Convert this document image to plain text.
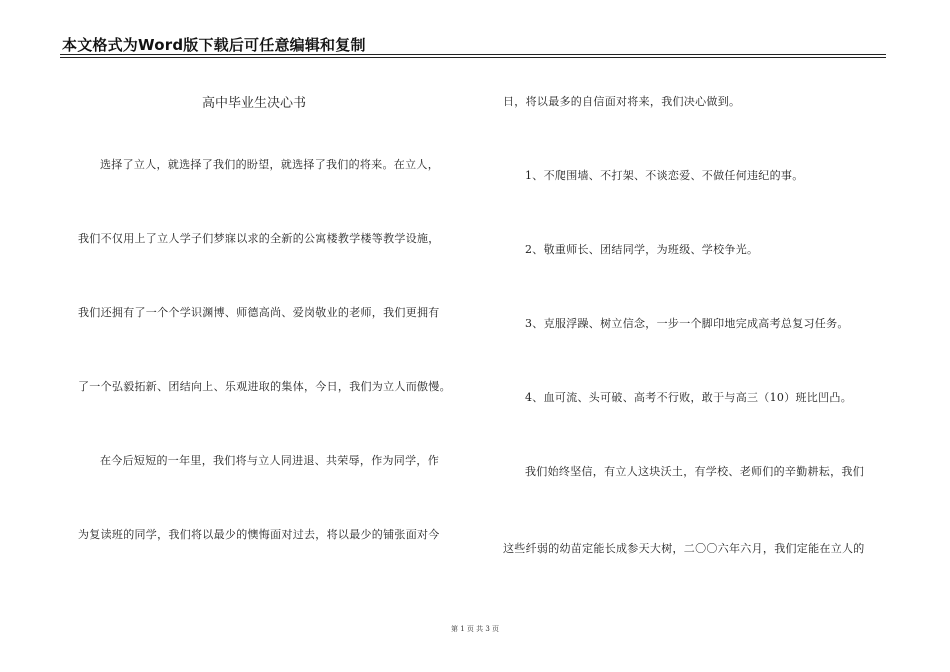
本文格式为Word版下载后可任意编辑和复制
高中毕业生决心书
选择了立人，就选择了我们的盼望，就选择了我们的将来。在立人，
我们不仅用上了立人学子们梦寐以求的全新的公寓楼教学楼等教学设施，
我们还拥有了一个个学识渊博、师德高尚、爱岗敬业的老师，我们更拥有
了一个弘毅拓新、团结向上、乐观进取的集体，今日，我们为立人而傲慢。
在今后短短的一年里，我们将与立人同进退、共荣辱，作为同学，作
为复读班的同学，我们将以最少的懊悔面对过去，将以最少的铺张面对今
日，将以最多的自信面对将来，我们决心做到。
1、不爬围墙、不打架、不谈恋爱、不做任何违纪的事。
2、敬重师长、团结同学，为班级、学校争光。
3、克服浮躁、树立信念，一步一个脚印地完成高考总复习任务。
4、血可流、头可破、高考不行败，敢于与高三（10）班比凹凸。
我们始终坚信，有立人这块沃土，有学校、老师们的辛勤耕耘，我们
这些纤弱的幼苗定能长成参天大树，二〇〇六年六月，我们定能在立人的
第 1 页 共 3 页
